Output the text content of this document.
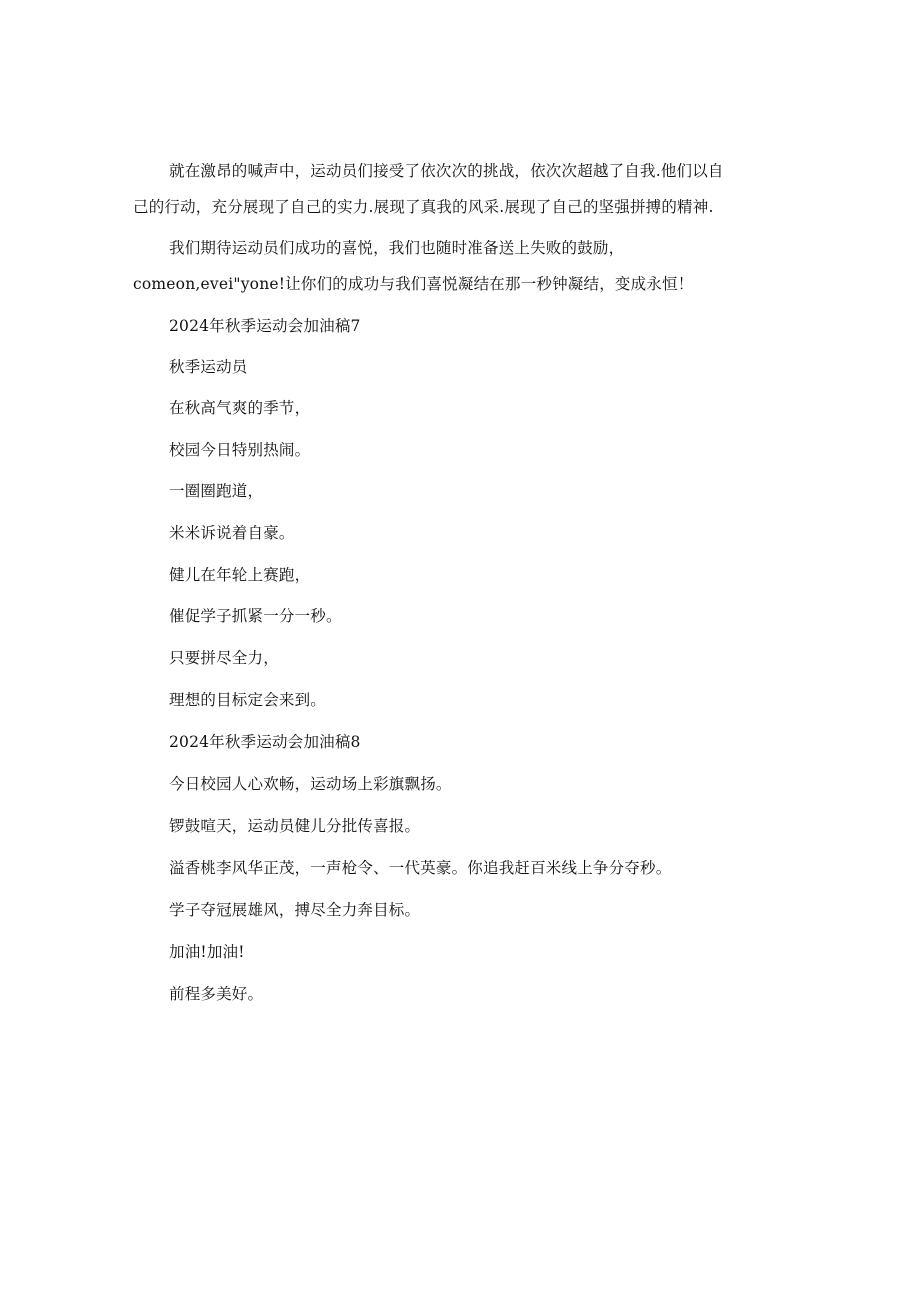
就在激昂的喊声中，运动员们接受了依次次的挑战，依次次超越了自我.他们以自
己的行动，充分展现了自己的实力.展现了真我的风采.展现了自己的坚强拼搏的精神.
我们期待运动员们成功的喜悦，我们也随时准备送上失败的鼓励，
comeon,evei"yone!让你们的成功与我们喜悦凝结在那一秒钟凝结，变成永恒！
2024年秋季运动会加油稿7
秋季运动员
在秋高气爽的季节，
校园今日特别热闹。
一圈圈跑道，
米米诉说着自豪。
健儿在年轮上赛跑，
催促学子抓紧一分一秒。
只要拼尽全力，
理想的目标定会来到。
2024年秋季运动会加油稿8
今日校园人心欢畅，运动场上彩旗飘扬。
锣鼓喧天，运动员健儿分批传喜报。
溢香桃李风华正茂，一声枪令、一代英豪。你追我赶百米线上争分夺秒。
学子夺冠展雄风，搏尽全力奔目标。
加油!加油!
前程多美好。
